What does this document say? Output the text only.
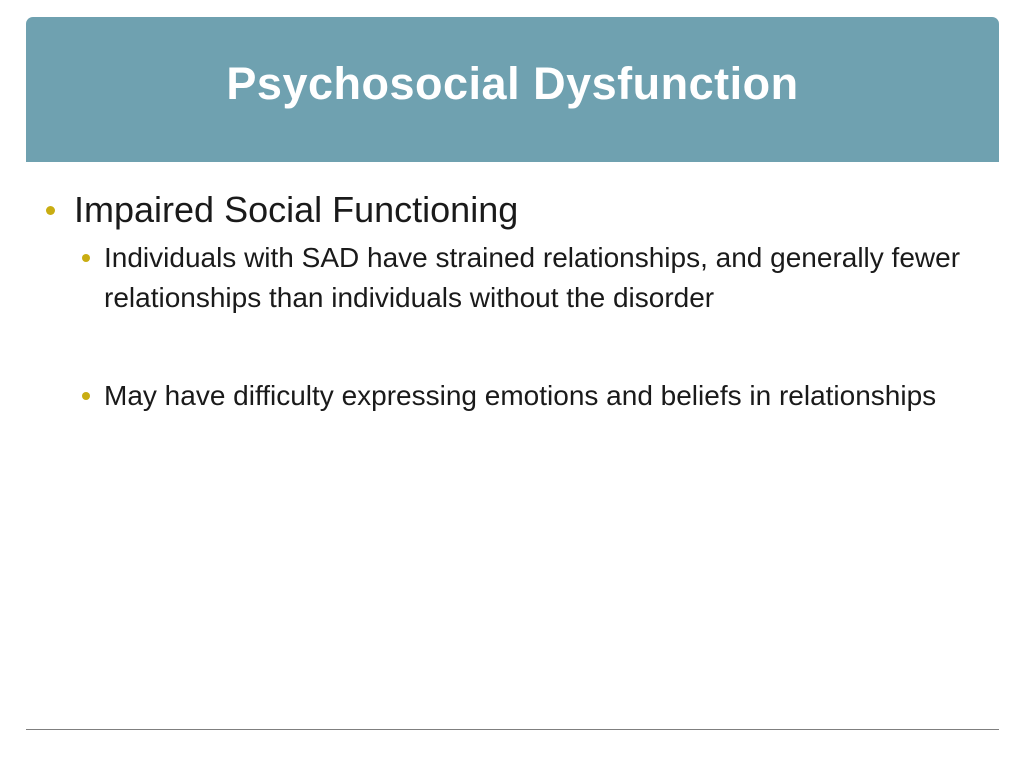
Psychosocial Dysfunction
Impaired Social Functioning
Individuals with SAD have strained relationships, and generally fewer relationships than individuals without the disorder
May have difficulty expressing emotions and beliefs in relationships
